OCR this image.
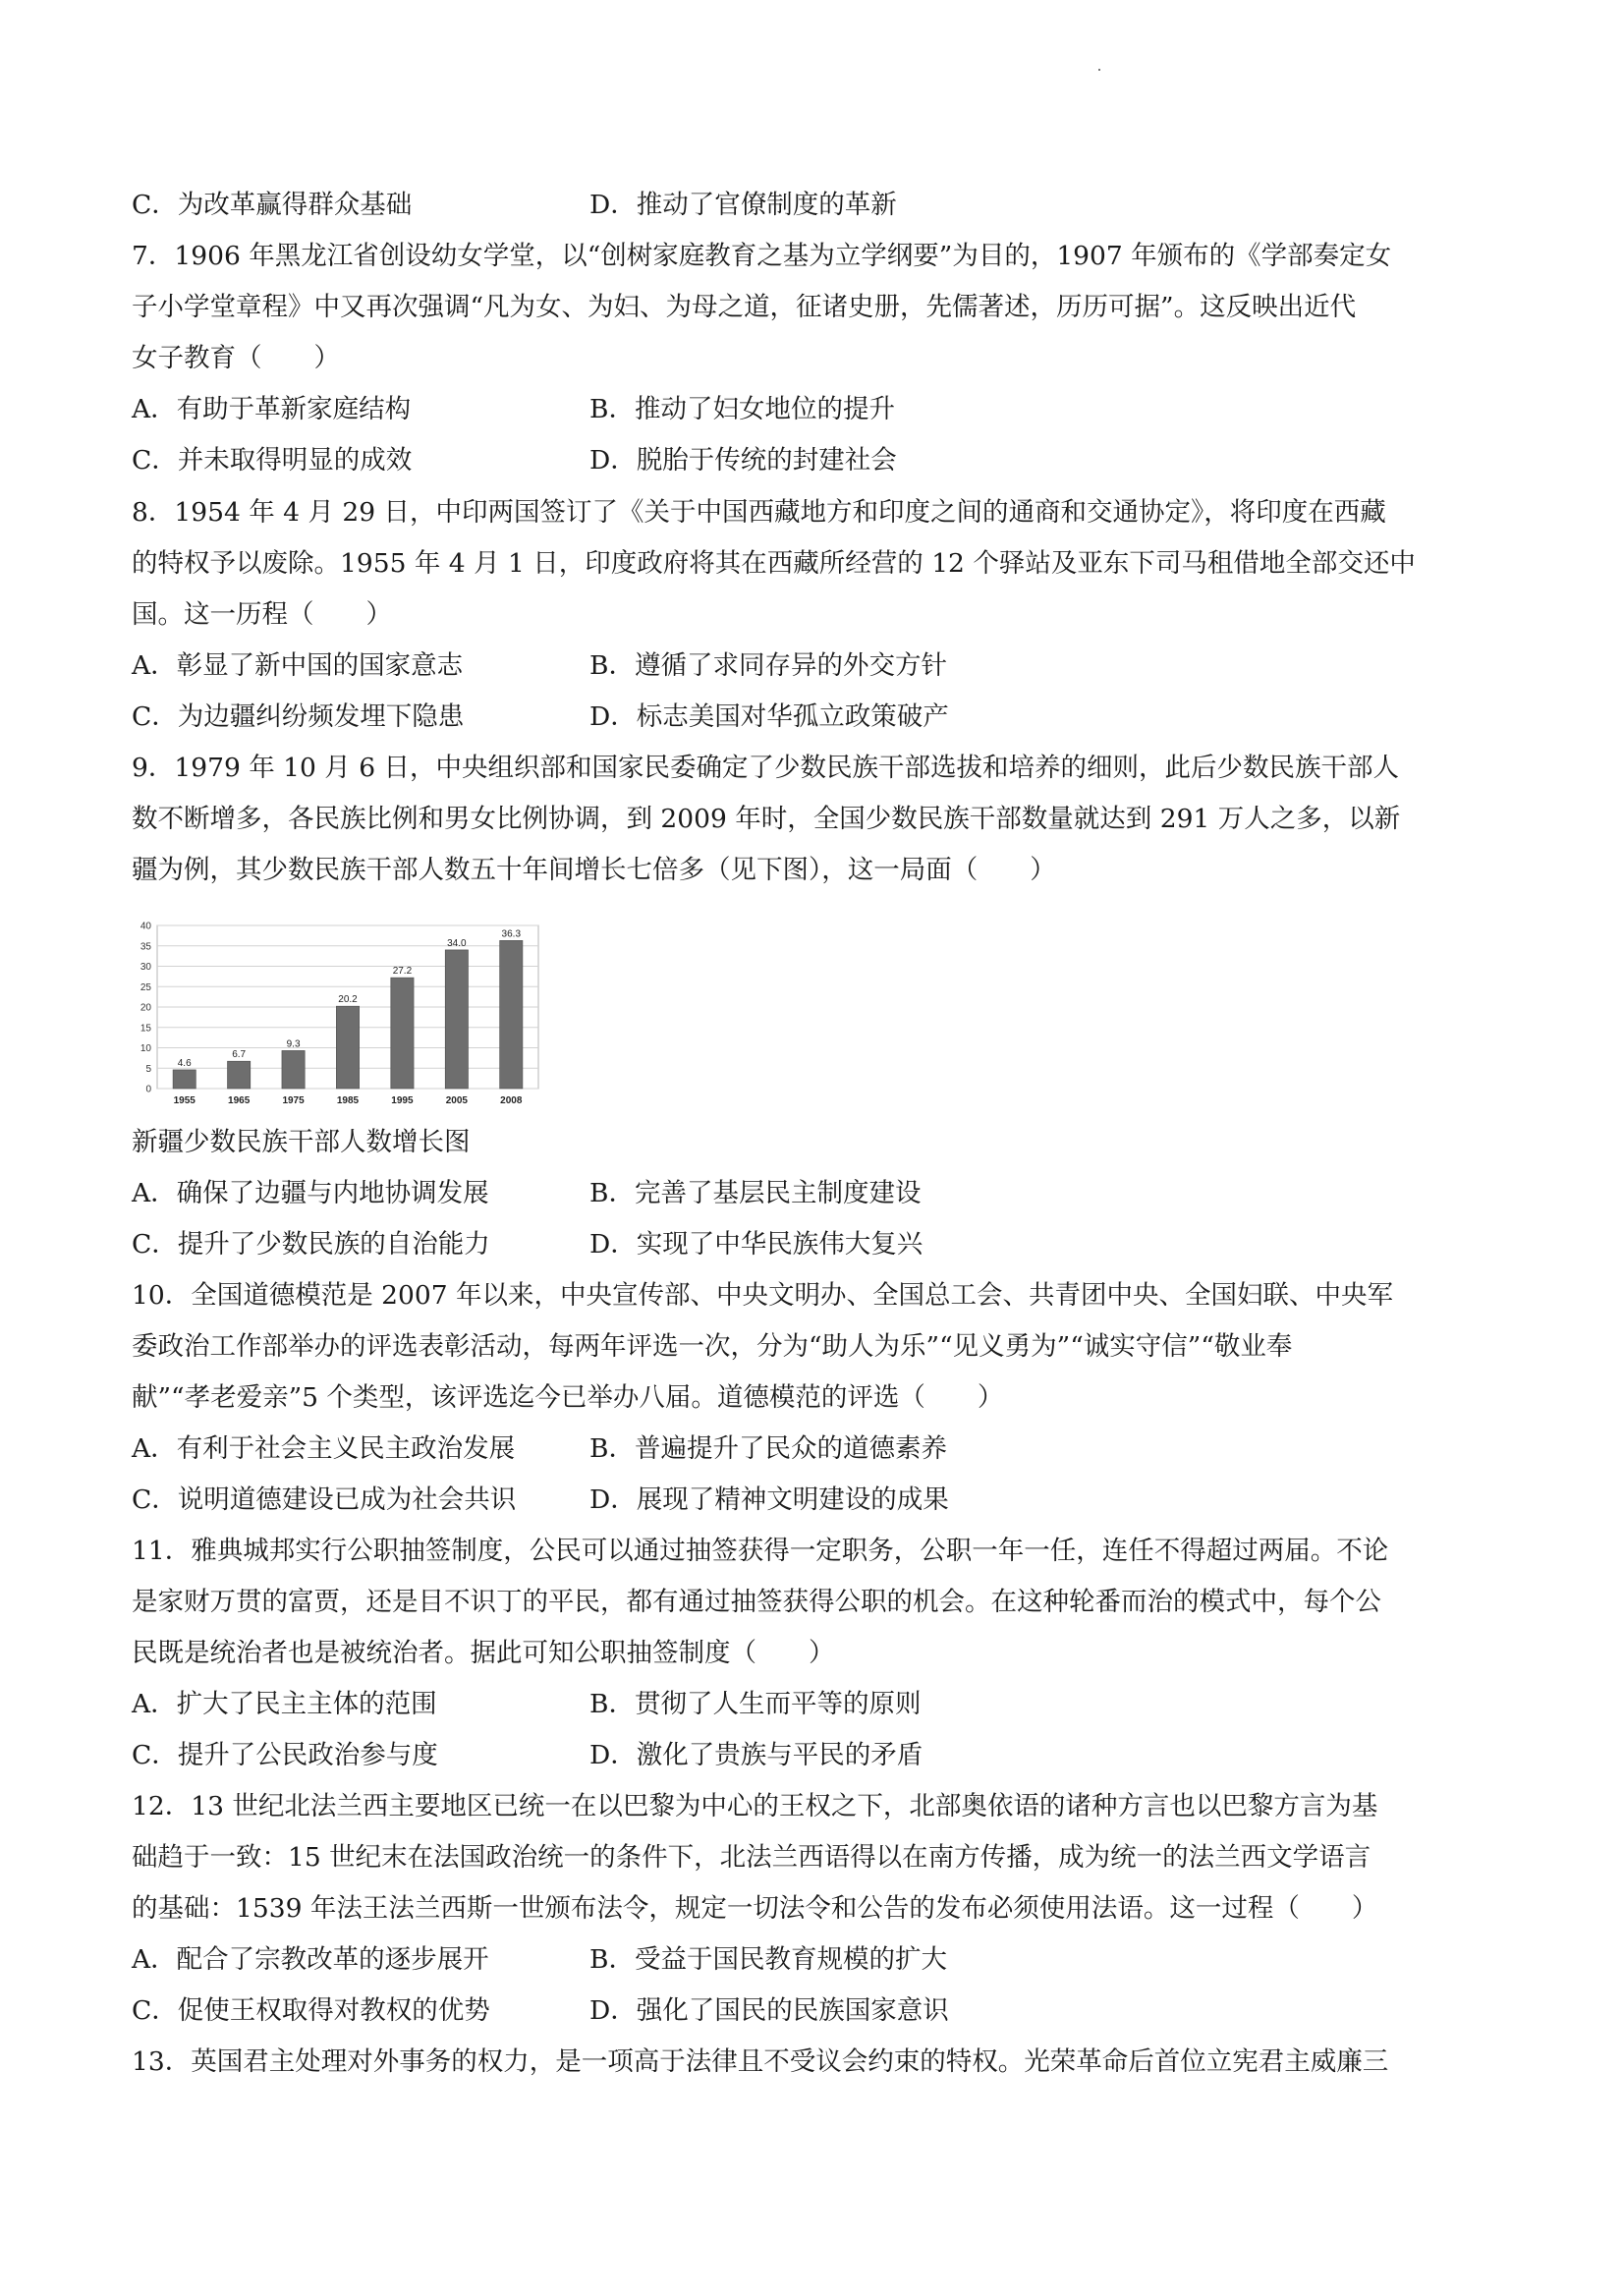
C．为改革赢得群众基础	D．推动了官僚制度的革新
7．1906 年黑龙江省创设幼女学堂，以“创树家庭教育之基为立学纲要”为目的，1907 年颁布的《学部奏定女
子小学堂章程》中又再次强调“凡为女、为妇、为母之道，征诸史册，先儒著述，历历可据”。这反映出近代
女子教育（　　）
A．有助于革新家庭结构	B．推动了妇女地位的提升
C．并未取得明显的成效	D．脱胎于传统的封建社会
8．1954 年 4 月 29 日，中印两国签订了《关于中国西藏地方和印度之间的通商和交通协定》，将印度在西藏
的特权予以废除。1955 年 4 月 1 日，印度政府将其在西藏所经营的 12 个驿站及亚东下司马租借地全部交还中
国。这一历程（　　）
A．彰显了新中国的国家意志	B．遵循了求同存异的外交方针
C．为边疆纠纷频发埋下隐患	D．标志美国对华孤立政策破产
9．1979 年 10 月 6 日，中央组织部和国家民委确定了少数民族干部选拔和培养的细则，此后少数民族干部人
数不断增多，各民族比例和男女比例协调，到 2009 年时，全国少数民族干部数量就达到 291 万人之多，以新
疆为例，其少数民族干部人数五十年间增长七倍多（见下图），这一局面（　　）
0
5
10
15
20
25
30
35
40
4.6
1955
6.7
1965
9.3
1975
20.2
1985
27.2
1995
34.0
2005
36.3
2008
新疆少数民族干部人数增长图
A．确保了边疆与内地协调发展	B．完善了基层民主制度建设
C．提升了少数民族的自治能力	D．实现了中华民族伟大复兴
10．全国道德模范是 2007 年以来，中央宣传部、中央文明办、全国总工会、共青团中央、全国妇联、中央军
委政治工作部举办的评选表彰活动，每两年评选一次，分为“助人为乐”“见义勇为”“诚实守信”“敬业奉
献”“孝老爱亲”5 个类型，该评选迄今已举办八届。道德模范的评选（　　）
A．有利于社会主义民主政治发展	B．普遍提升了民众的道德素养
C．说明道德建设已成为社会共识	D．展现了精神文明建设的成果
11．雅典城邦实行公职抽签制度，公民可以通过抽签获得一定职务，公职一年一任，连任不得超过两届。不论
是家财万贯的富贾，还是目不识丁的平民，都有通过抽签获得公职的机会。在这种轮番而治的模式中，每个公
民既是统治者也是被统治者。据此可知公职抽签制度（　　）
A．扩大了民主主体的范围	B．贯彻了人生而平等的原则
C．提升了公民政治参与度	D．激化了贵族与平民的矛盾
12．13 世纪北法兰西主要地区已统一在以巴黎为中心的王权之下，北部奥依语的诸种方言也以巴黎方言为基
础趋于一致：15 世纪末在法国政治统一的条件下，北法兰西语得以在南方传播，成为统一的法兰西文学语言
的基础：1539 年法王法兰西斯一世颁布法令，规定一切法令和公告的发布必须使用法语。这一过程（　　）
A．配合了宗教改革的逐步展开	B．受益于国民教育规模的扩大
C．促使王权取得对教权的优势	D．强化了国民的民族国家意识
13．英国君主处理对外事务的权力，是一项高于法律且不受议会约束的特权。光荣革命后首位立宪君主威廉三
